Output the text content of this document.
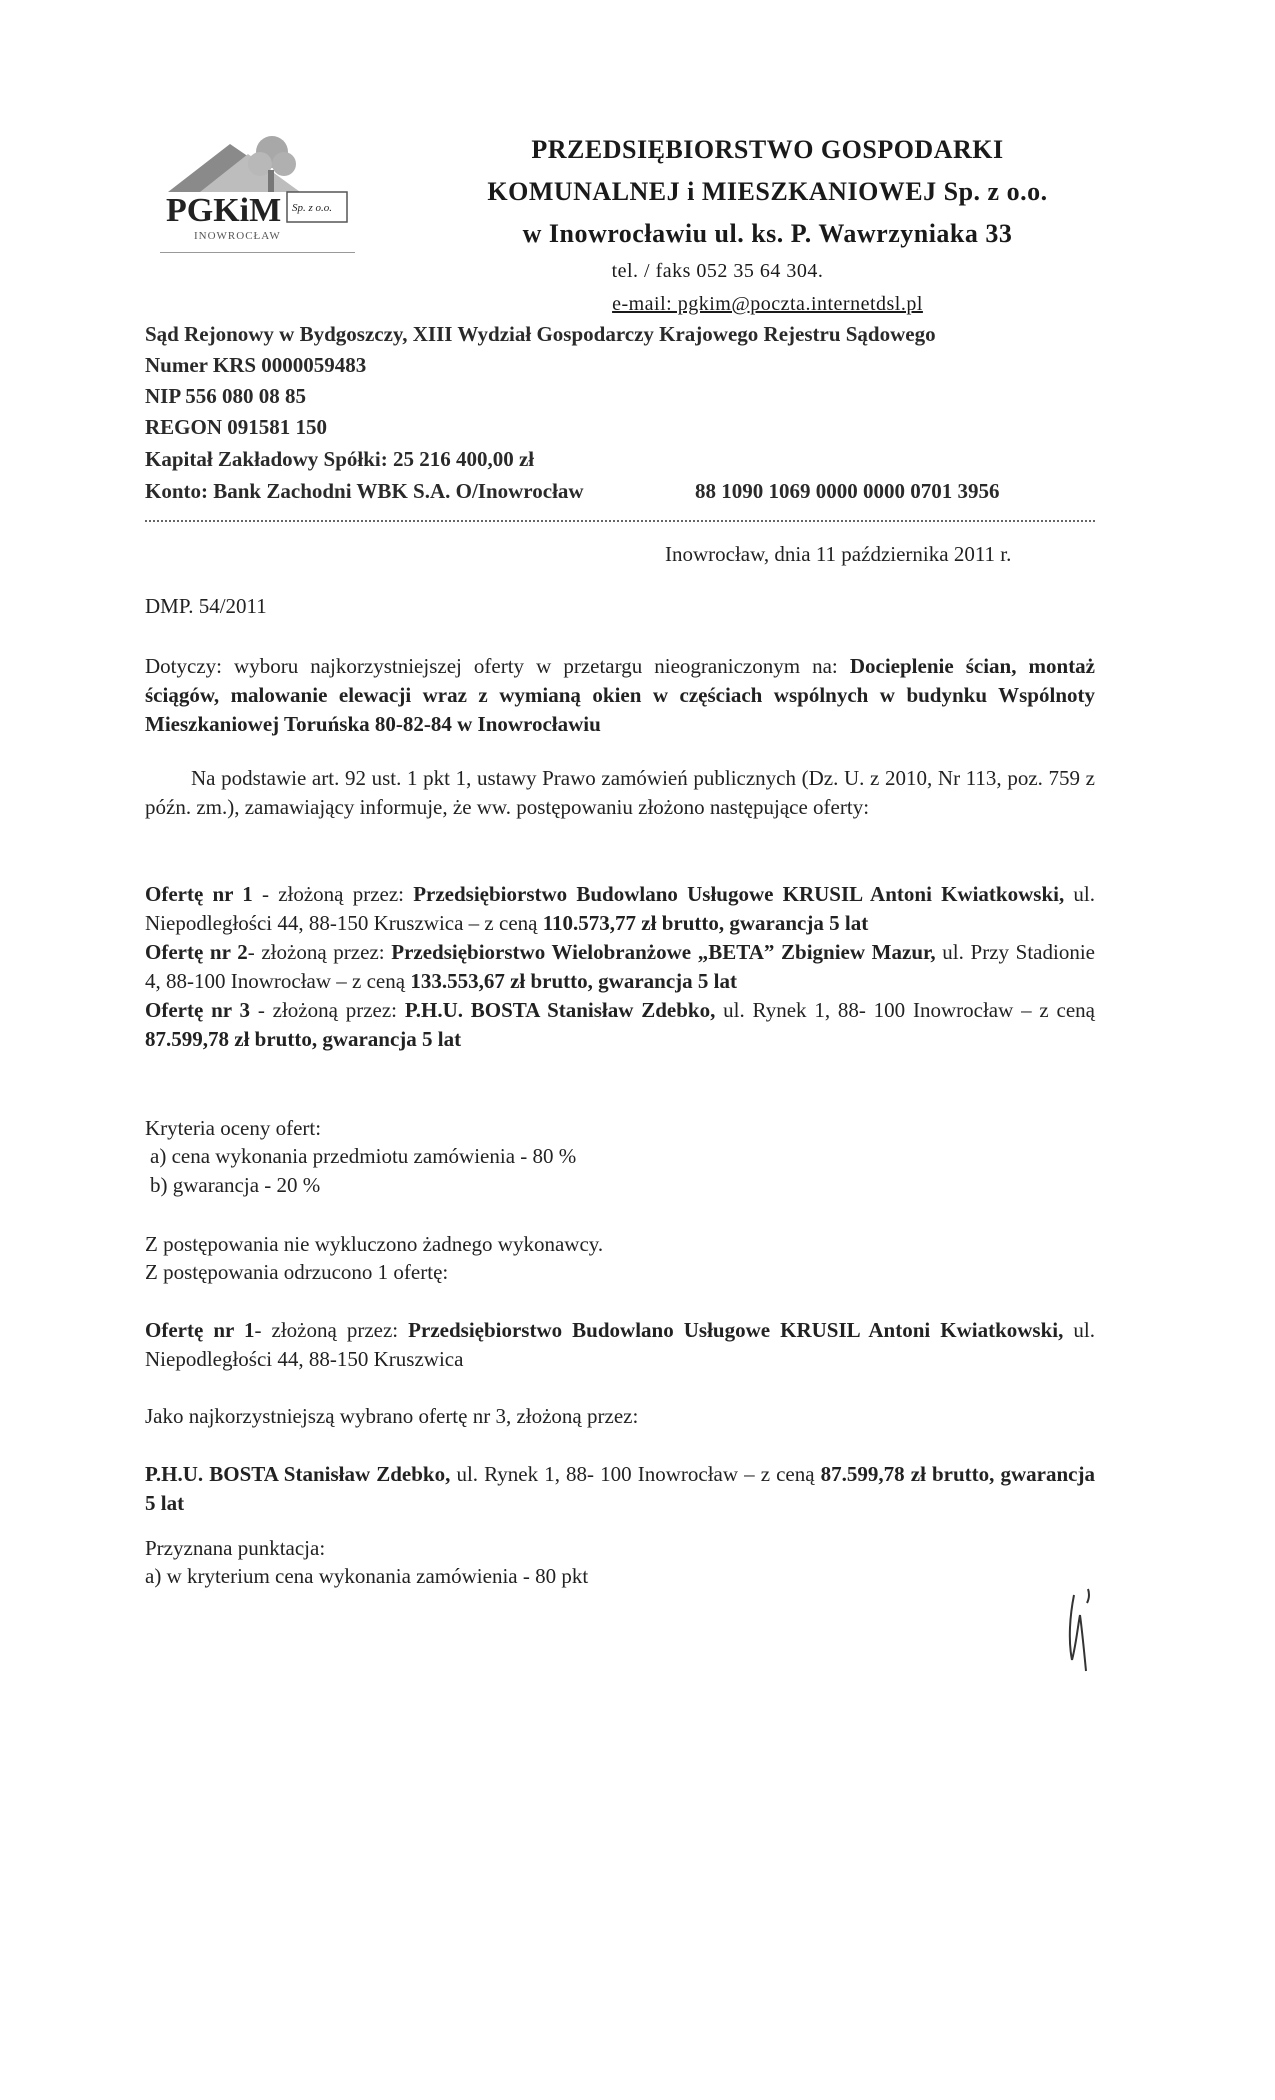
PGKiM Sp. z o.o.
INOWROCŁAW
PRZEDSIĘBIORSTWO GOSPODARKI
KOMUNALNEJ i MIESZKANIOWEJ Sp. z o.o.
w Inowrocławiu ul. ks. P. Wawrzyniaka 33
tel. / faks 052 35 64 304.
e-mail: pgkim@poczta.internetdsl.pl
Sąd Rejonowy w Bydgoszczy, XIII Wydział Gospodarczy Krajowego Rejestru Sądowego
Numer KRS 0000059483
NIP 556 080 08 85
REGON 091581 150
Kapitał Zakładowy Spółki: 25 216 400,00 zł
Konto: Bank Zachodni WBK S.A. O/Inowrocław	88 1090 1069 0000 0000 0701 3956
Inowrocław, dnia 11 października 2011 r.
DMP. 54/2011
Dotyczy: wyboru najkorzystniejszej oferty w przetargu nieograniczonym na: Docieplenie ścian, montaż ściągów, malowanie elewacji wraz z wymianą okien w częściach wspólnych w budynku Wspólnoty Mieszkaniowej Toruńska 80-82-84 w Inowrocławiu
Na podstawie art. 92 ust. 1 pkt 1, ustawy Prawo zamówień publicznych (Dz. U. z 2010, Nr 113, poz. 759 z późn. zm.), zamawiający informuje, że ww. postępowaniu złożono następujące oferty:
Ofertę nr 1 - złożoną przez: Przedsiębiorstwo Budowlano Usługowe KRUSIL Antoni Kwiatkowski, ul. Niepodległości 44, 88-150 Kruszwica – z ceną 110.573,77 zł brutto, gwarancja 5 lat
Ofertę nr 2- złożoną przez: Przedsiębiorstwo Wielobranżowe „BETA” Zbigniew Mazur, ul. Przy Stadionie 4, 88-100 Inowrocław – z ceną 133.553,67 zł brutto, gwarancja 5 lat
Ofertę nr 3 - złożoną przez: P.H.U. BOSTA Stanisław Zdebko, ul. Rynek 1, 88- 100 Inowrocław – z ceną 87.599,78 zł brutto, gwarancja 5 lat
Kryteria oceny ofert:
a) cena wykonania przedmiotu zamówienia - 80 %
b) gwarancja - 20 %
Z postępowania nie wykluczono żadnego wykonawcy.
Z postępowania odrzucono 1 ofertę:
Ofertę nr 1- złożoną przez: Przedsiębiorstwo Budowlano Usługowe KRUSIL Antoni Kwiatkowski, ul. Niepodległości 44, 88-150 Kruszwica
Jako najkorzystniejszą wybrano ofertę nr 3, złożoną przez:
P.H.U. BOSTA Stanisław Zdebko, ul. Rynek 1, 88- 100 Inowrocław – z ceną 87.599,78 zł brutto, gwarancja 5 lat
Przyznana punktacja:
a) w kryterium cena wykonania zamówienia - 80 pkt
